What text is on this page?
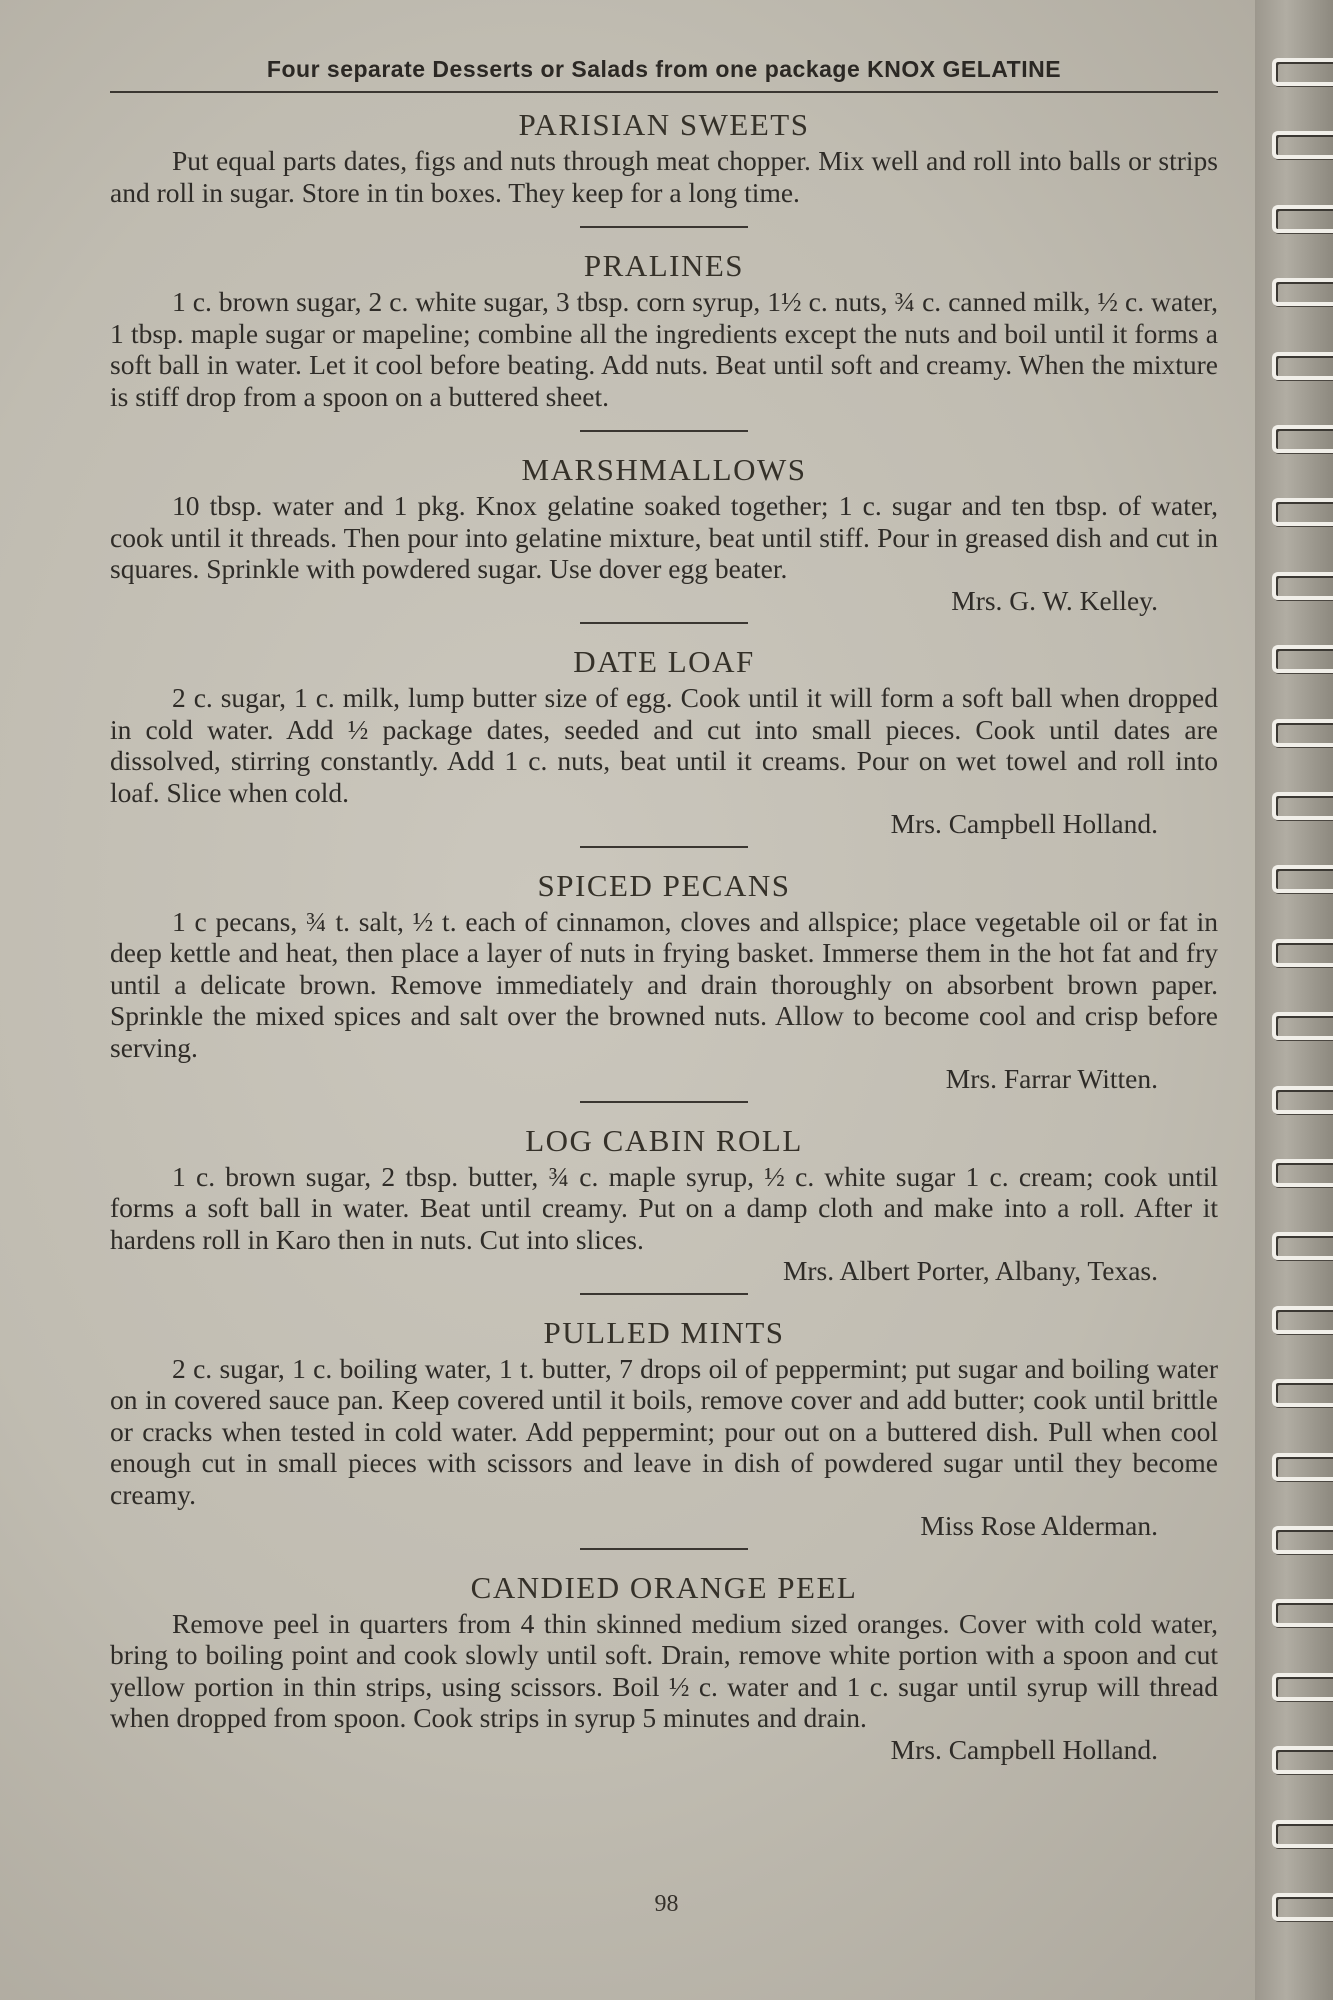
Four separate Desserts or Salads from one package KNOX GELATINE
PARISIAN SWEETS

Put equal parts dates, figs and nuts through meat chopper. Mix well and roll into balls or strips and roll in sugar. Store in tin boxes. They keep for a long time.

PRALINES

1 c. brown sugar, 2 c. white sugar, 3 tbsp. corn syrup, 1½ c. nuts, ¾ c. canned milk, ½ c. water, 1 tbsp. maple sugar or mapeline; combine all the ingredients except the nuts and boil until it forms a soft ball in water. Let it cool before beating. Add nuts. Beat until soft and creamy. When the mixture is stiff drop from a spoon on a buttered sheet.

MARSHMALLOWS

10 tbsp. water and 1 pkg. Knox gelatine soaked together; 1 c. sugar and ten tbsp. of water, cook until it threads. Then pour into gelatine mixture, beat until stiff. Pour in greased dish and cut in squares. Sprinkle with powdered sugar. Use dover egg beater.
Mrs. G. W. Kelley.

DATE LOAF

2 c. sugar, 1 c. milk, lump butter size of egg. Cook until it will form a soft ball when dropped in cold water. Add ½ package dates, seeded and cut into small pieces. Cook until dates are dissolved, stirring constantly. Add 1 c. nuts, beat until it creams. Pour on wet towel and roll into loaf. Slice when cold.
Mrs. Campbell Holland.

SPICED PECANS

1 c pecans, ¾ t. salt, ½ t. each of cinnamon, cloves and allspice; place vegetable oil or fat in deep kettle and heat, then place a layer of nuts in frying basket. Immerse them in the hot fat and fry until a delicate brown. Remove immediately and drain thoroughly on absorbent brown paper. Sprinkle the mixed spices and salt over the browned nuts. Allow to become cool and crisp before serving.
Mrs. Farrar Witten.

LOG CABIN ROLL

1 c. brown sugar, 2 tbsp. butter, ¾ c. maple syrup, ½ c. white sugar 1 c. cream; cook until forms a soft ball in water. Beat until creamy. Put on a damp cloth and make into a roll. After it hardens roll in Karo then in nuts. Cut into slices.
Mrs. Albert Porter, Albany, Texas.

PULLED MINTS

2 c. sugar, 1 c. boiling water, 1 t. butter, 7 drops oil of peppermint; put sugar and boiling water on in covered sauce pan. Keep covered until it boils, remove cover and add butter; cook until brittle or cracks when tested in cold water. Add peppermint; pour out on a buttered dish. Pull when cool enough cut in small pieces with scissors and leave in dish of powdered sugar until they become creamy.
Miss Rose Alderman.

CANDIED ORANGE PEEL

Remove peel in quarters from 4 thin skinned medium sized oranges. Cover with cold water, bring to boiling point and cook slowly until soft. Drain, remove white portion with a spoon and cut yellow portion in thin strips, using scissors. Boil ½ c. water and 1 c. sugar until syrup will thread when dropped from spoon. Cook strips in syrup 5 minutes and drain.
Mrs. Campbell Holland.

98
